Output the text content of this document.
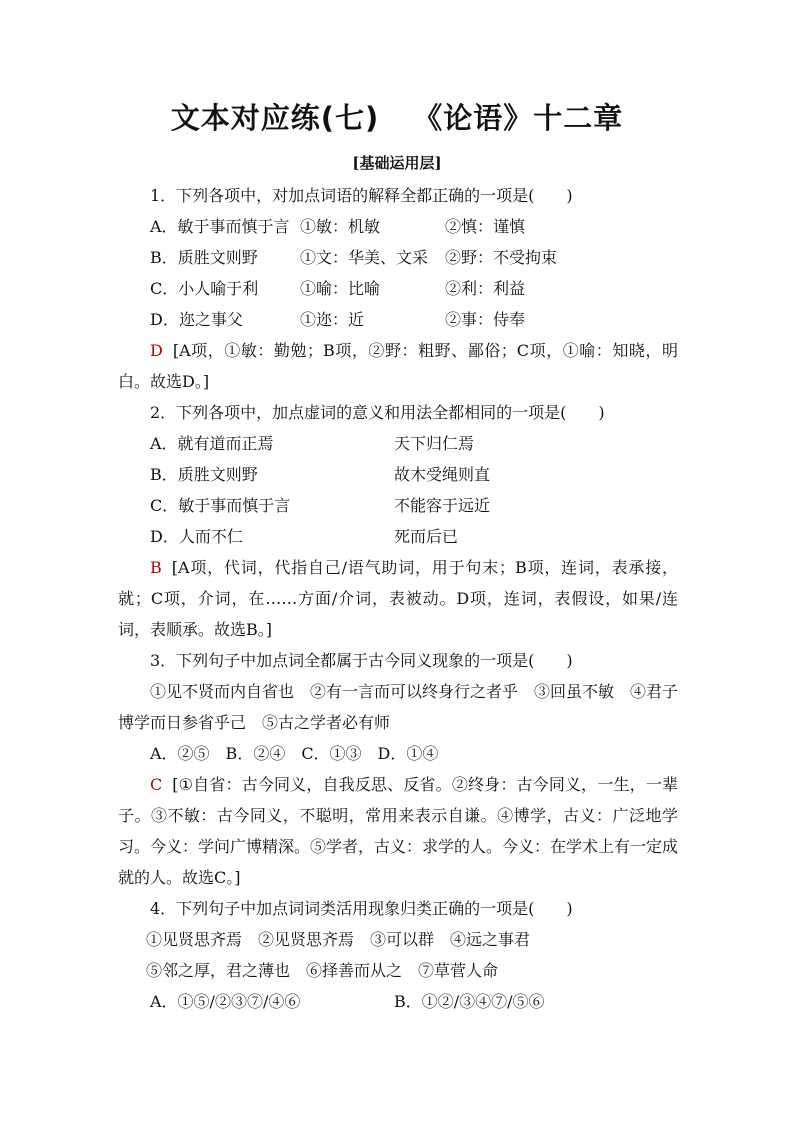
文本对应练(七) 《论语》十二章
[基础运用层]
1．下列各项中，对加点词语的解释全都正确的一项是(　　)
A．敏于事而慎于言 ①敏：机敏	②慎：谨慎
B．质胜文则野	①文：华美、文采 ②野：不受拘束
C．小人喻于利	①喻：比喻	②利：利益
D．迩之事父	①迩：近	②事：侍奉
D [A项，①敏：勤勉；B项，②野：粗野、鄙俗；C项，①喻：知晓，明白。故选D。]
2．下列各项中，加点虚词的意义和用法全都相同的一项是(　　)
A．就有道而正焉	天下归仁焉
B．质胜文则野	故木受绳则直
C．敏于事而慎于言	不能容于远近
D．人而不仁	死而后已
B [A项，代词，代指自己/语气助词，用于句末；B项，连词，表承接，就；C项，介词，在……方面/介词，表被动。D项，连词，表假设，如果/连词，表顺承。故选B。]
3．下列句子中加点词全都属于古今同义现象的一项是(　　)
①见不贤而内自省也　②有一言而可以终身行之者乎　③回虽不敏　④君子博学而日参省乎己　⑤古之学者必有师
A．②⑤　B．②④　C．①③　D．①④
C [①自省：古今同义，自我反思、反省。②终身：古今同义，一生，一辈子。③不敏：古今同义，不聪明，常用来表示自谦。④博学，古义：广泛地学习。今义：学问广博精深。⑤学者，古义：求学的人。今义：在学术上有一定成就的人。故选C。]
4．下列句子中加点词词类活用现象归类正确的一项是(　　)
①见贤思齐焉　②见贤思齐焉　③可以群　④远之事君
⑤邻之厚，君之薄也　⑥择善而从之　⑦草菅人命
A．①⑤/②③⑦/④⑥	B．①②/③④⑦/⑤⑥
